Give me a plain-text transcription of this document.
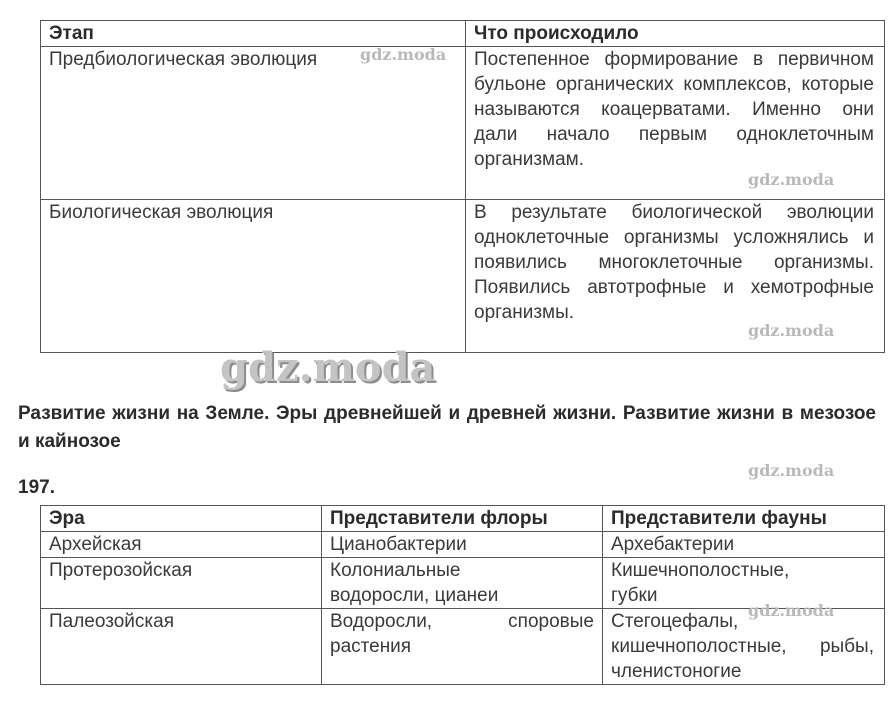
Этап	Что происходило
Предбиологическая эволюция	Постепенное формирование в первичном бульоне органических комплексов, которые называются коацерватами. Именно они дали начало первым одноклеточным организмам.
Биологическая эволюция	В результате биологической эволюции одноклеточные организмы усложнялись и появились многоклеточные организмы. Появились автотрофные и хемотрофные организмы.
Развитие жизни на Земле. Эры древнейшей и древней жизни. Развитие жизни в мезозое и кайнозое
197.
Эра	Представители флоры	Представители фауны
Архейская	Цианобактерии	Архебактерии
Протерозойская	Колониальные водоросли, цианеи	Кишечнополостные, губки
Палеозойская	Водоросли, споровые растения	Стегоцефалы, кишечнополостные, рыбы, членистоногие
gdz.moda
gdz.moda
gdz.moda
gdz.moda
gdz.moda
gdz.moda
